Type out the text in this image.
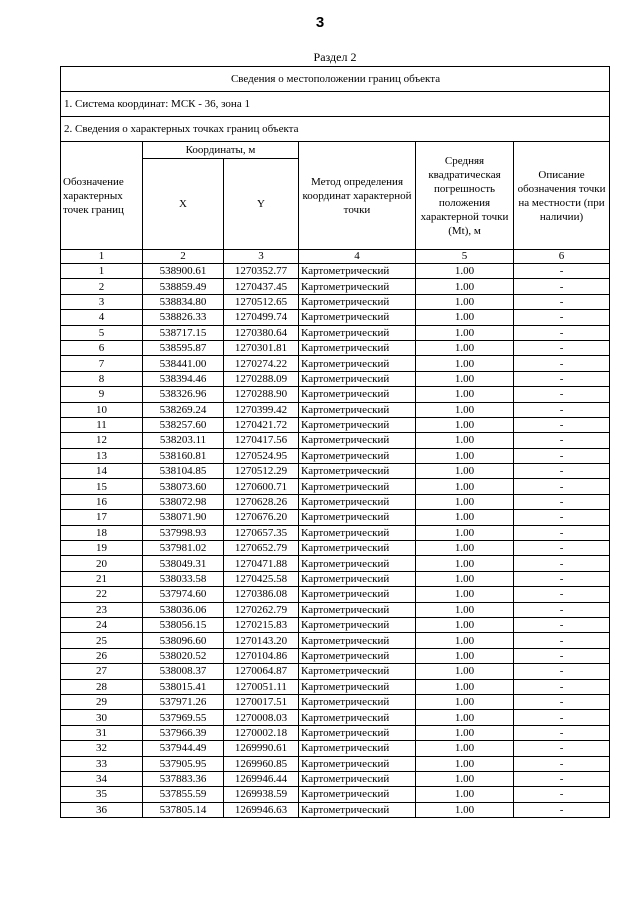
3
Раздел 2
Сведения о местоположении границ объекта					
1. Система координат: МСК - 36, зона 1					
2. Сведения о характерных точках границ объекта					
Обозначение характерных точек границ	Координаты, м		Метод определения координат характерной точки	Средняя квадратическая погрешность положения характерной точки (Mt), м	Описание обозначения точки на местности (при наличии)
	X	Y			
1	2	3	4	5	6
1	538900.61	1270352.77	Картометрический	1.00	-
2	538859.49	1270437.45	Картометрический	1.00	-
3	538834.80	1270512.65	Картометрический	1.00	-
4	538826.33	1270499.74	Картометрический	1.00	-
5	538717.15	1270380.64	Картометрический	1.00	-
6	538595.87	1270301.81	Картометрический	1.00	-
7	538441.00	1270274.22	Картометрический	1.00	-
8	538394.46	1270288.09	Картометрический	1.00	-
9	538326.96	1270288.90	Картометрический	1.00	-
10	538269.24	1270399.42	Картометрический	1.00	-
11	538257.60	1270421.72	Картометрический	1.00	-
12	538203.11	1270417.56	Картометрический	1.00	-
13	538160.81	1270524.95	Картометрический	1.00	-
14	538104.85	1270512.29	Картометрический	1.00	-
15	538073.60	1270600.71	Картометрический	1.00	-
16	538072.98	1270628.26	Картометрический	1.00	-
17	538071.90	1270676.20	Картометрический	1.00	-
18	537998.93	1270657.35	Картометрический	1.00	-
19	537981.02	1270652.79	Картометрический	1.00	-
20	538049.31	1270471.88	Картометрический	1.00	-
21	538033.58	1270425.58	Картометрический	1.00	-
22	537974.60	1270386.08	Картометрический	1.00	-
23	538036.06	1270262.79	Картометрический	1.00	-
24	538056.15	1270215.83	Картометрический	1.00	-
25	538096.60	1270143.20	Картометрический	1.00	-
26	538020.52	1270104.86	Картометрический	1.00	-
27	538008.37	1270064.87	Картометрический	1.00	-
28	538015.41	1270051.11	Картометрический	1.00	-
29	537971.26	1270017.51	Картометрический	1.00	-
30	537969.55	1270008.03	Картометрический	1.00	-
31	537966.39	1270002.18	Картометрический	1.00	-
32	537944.49	1269990.61	Картометрический	1.00	-
33	537905.95	1269960.85	Картометрический	1.00	-
34	537883.36	1269946.44	Картометрический	1.00	-
35	537855.59	1269938.59	Картометрический	1.00	-
36	537805.14	1269946.63	Картометрический	1.00	-
